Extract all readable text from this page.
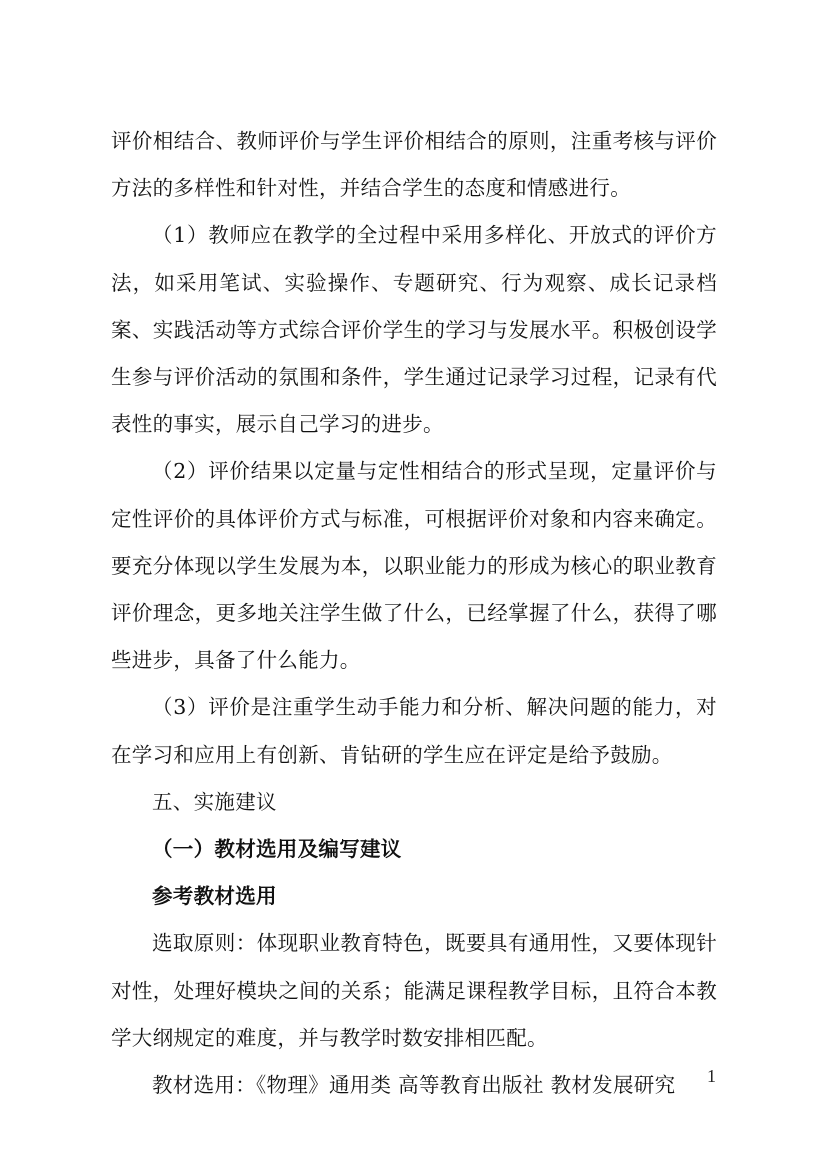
评价相结合、教师评价与学生评价相结合的原则，注重考核与评价方法的多样性和针对性，并结合学生的态度和情感进行。

（1）教师应在教学的全过程中采用多样化、开放式的评价方法，如采用笔试、实验操作、专题研究、行为观察、成长记录档案、实践活动等方式综合评价学生的学习与发展水平。积极创设学生参与评价活动的氛围和条件，学生通过记录学习过程，记录有代表性的事实，展示自己学习的进步。

（2）评价结果以定量与定性相结合的形式呈现，定量评价与定性评价的具体评价方式与标准，可根据评价对象和内容来确定。要充分体现以学生发展为本，以职业能力的形成为核心的职业教育评价理念，更多地关注学生做了什么，已经掌握了什么，获得了哪些进步，具备了什么能力。

（3）评价是注重学生动手能力和分析、解决问题的能力，对在学习和应用上有创新、肯钻研的学生应在评定是给予鼓励。

五、实施建议

（一）教材选用及编写建议

参考教材选用

选取原则：体现职业教育特色，既要具有通用性，又要体现针对性，处理好模块之间的关系；能满足课程教学目标，且符合本教学大纲规定的难度，并与教学时数安排相匹配。

教材选用：《物理》通用类 高等教育出版社 教材发展研究	1
